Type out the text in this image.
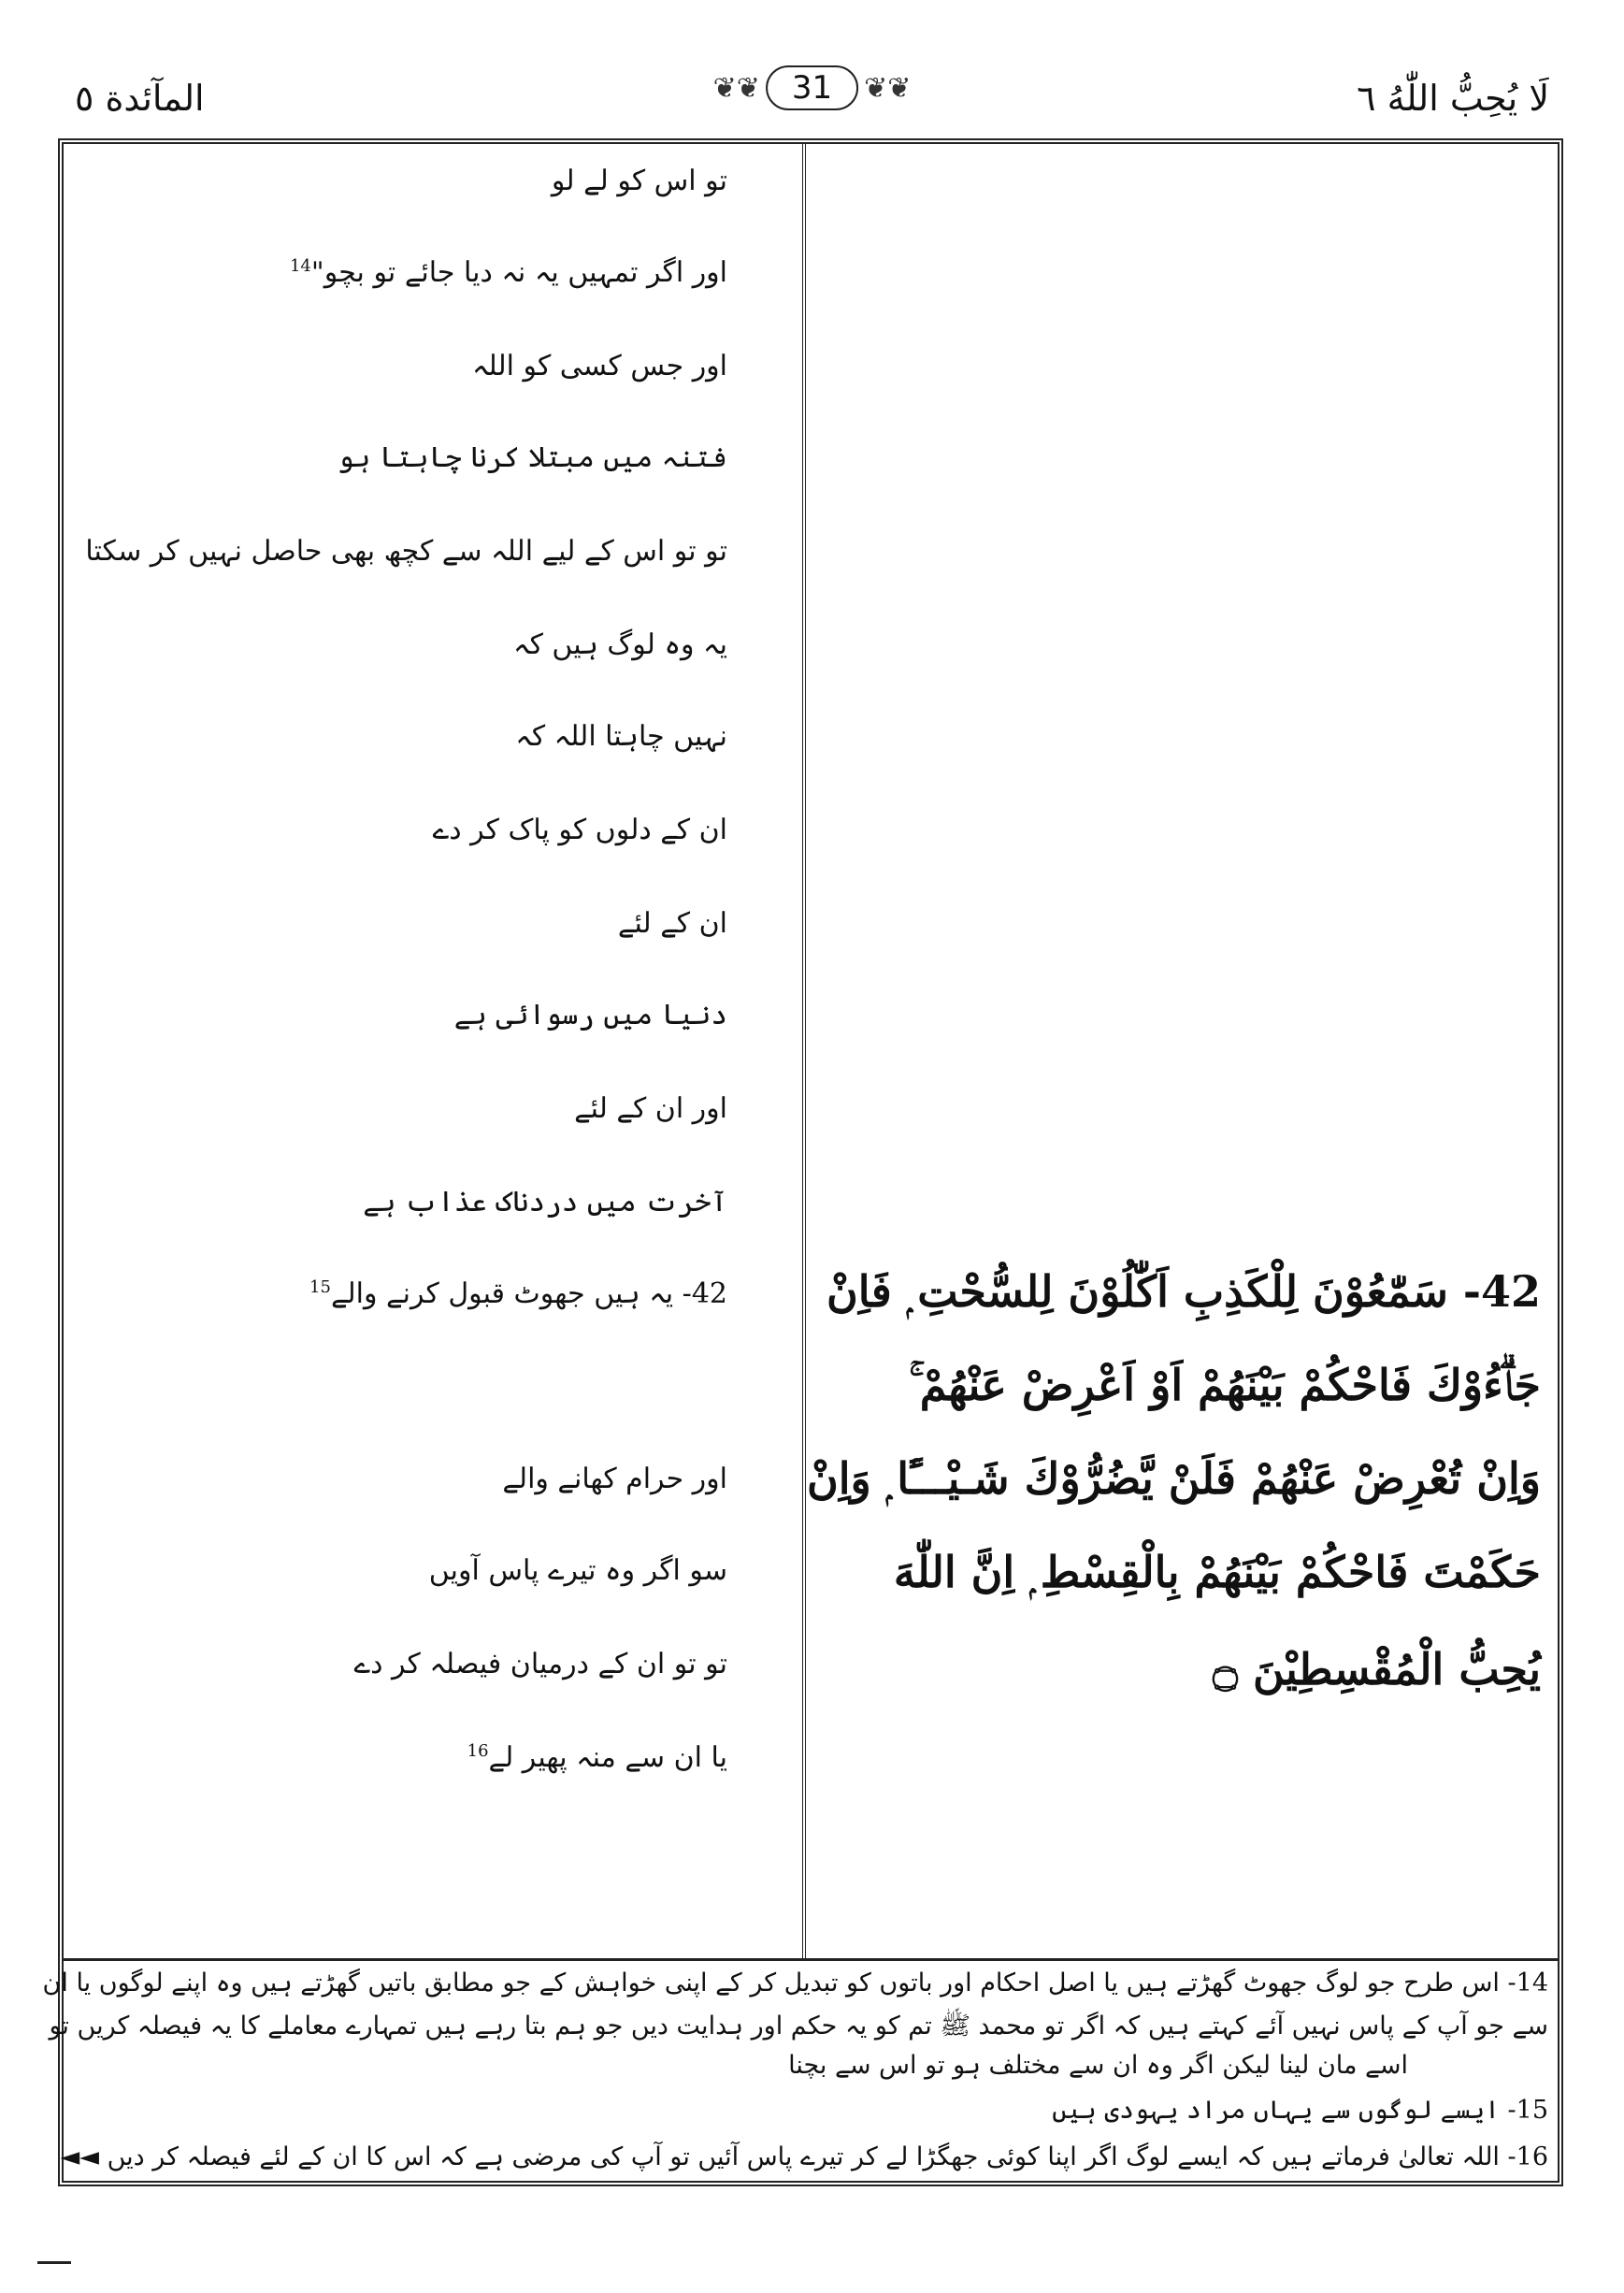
المآئدة ٥	❦❦	31	❦❦	لَا يُحِبُّ اللّٰهُ ٦
تو اس کو لے لو
اور اگر تمہیں یہ نہ دیا جائے تو بچو"$^{14}$
اور جس کسی کو اللہ
فتنہ میں مبتلا کرنا چاہتا ہو
تو تو اس کے لیے اللہ سے کچھ بھی حاصل نہیں کر سکتا
یہ وہ لوگ ہیں کہ
نہیں چاہتا اللہ کہ
ان کے دلوں کو پاک کر دے
ان کے لئے
دنیا میں رسوائی ہے
اور ان کے لئے
آخرت میں دردناک عذاب ہے
42- یہ ہیں جھوٹ قبول کرنے والے$^{15}$
اور حرام کھانے والے
سو اگر وہ تیرے پاس آویں
تو تو ان کے درمیان فیصلہ کر دے
یا ان سے منہ پھیر لے$^{16}$
42- سَمّٰعُوْنَ لِلْكَذِبِ اَكّٰلُوْنَ لِلسُّحْتِ ۭ فَاِنْ
جَاۗءُوْكَ فَاحْكُمْ بَيْنَهُمْ اَوْ اَعْرِضْ عَنْهُمْ ۚ
وَاِنْ تُعْرِضْ عَنْهُمْ فَلَنْ يَّضُرُّوْكَ شَـيْـــًٔا ۭ وَاِنْ
حَكَمْتَ فَاحْكُمْ بَيْنَهُمْ بِالْقِسْطِ ۭ اِنَّ اللّٰهَ
يُحِبُّ الْمُقْسِطِيْنَ ۝
14- اس طرح جو لوگ جھوٹ گھڑتے ہیں یا اصل احکام اور باتوں کو تبدیل کر کے اپنی خواہش کے جو مطابق باتیں گھڑتے ہیں وہ اپنے لوگوں یا ان
سے جو آپ کے پاس نہیں آئے کہتے ہیں کہ اگر تو محمد ﷺ تم کو یہ حکم اور ہدایت دیں جو ہم بتا رہے ہیں تمہارے معاملے کا یہ فیصلہ کریں تو
اسے مان لینا لیکن اگر وہ ان سے مختلف ہو تو اس سے بچنا
15- ایسے لوگوں سے یہاں مراد یہودی ہیں
16- اللہ تعالیٰ فرماتے ہیں کہ ایسے لوگ اگر اپنا کوئی جھگڑا لے کر تیرے پاس آئیں تو آپ کی مرضی ہے کہ اس کا ان کے لئے فیصلہ کر دیں ◄◄
